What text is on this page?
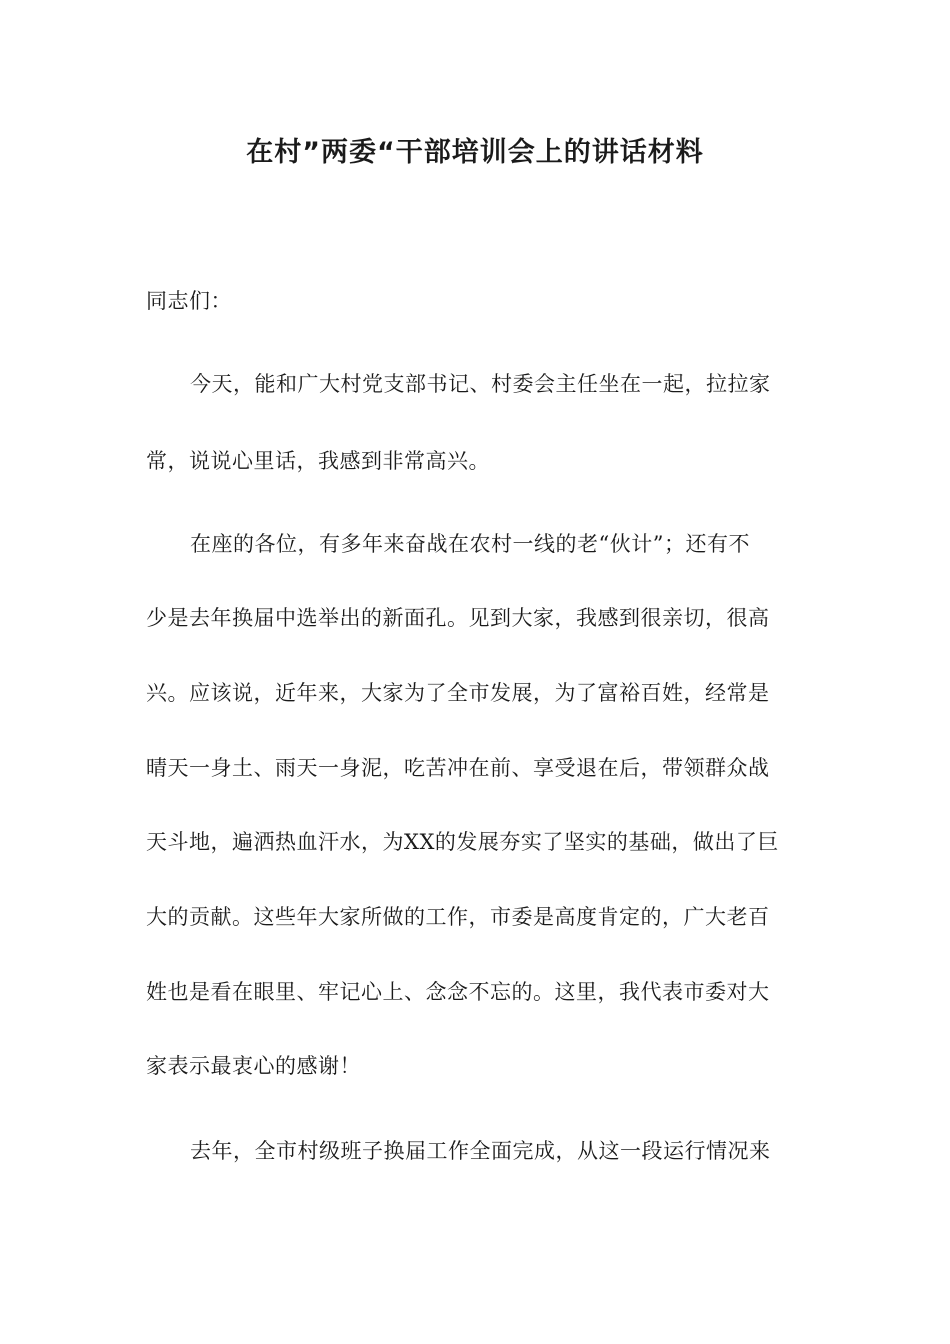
在村”两委“干部培训会上的讲话材料
同志们：
今天，能和广大村党支部书记、村委会主任坐在一起，拉拉家
常，说说心里话，我感到非常高兴。
在座的各位，有多年来奋战在农村一线的老“伙计”；还有不
少是去年换届中选举出的新面孔。见到大家，我感到很亲切，很高
兴。应该说，近年来，大家为了全市发展，为了富裕百姓，经常是
晴天一身土、雨天一身泥，吃苦冲在前、享受退在后，带领群众战
天斗地，遍洒热血汗水，为XX的发展夯实了坚实的基础，做出了巨
大的贡献。这些年大家所做的工作，市委是高度肯定的，广大老百
姓也是看在眼里、牢记心上、念念不忘的。这里，我代表市委对大
家表示最衷心的感谢！
去年，全市村级班子换届工作全面完成，从这一段运行情况来
